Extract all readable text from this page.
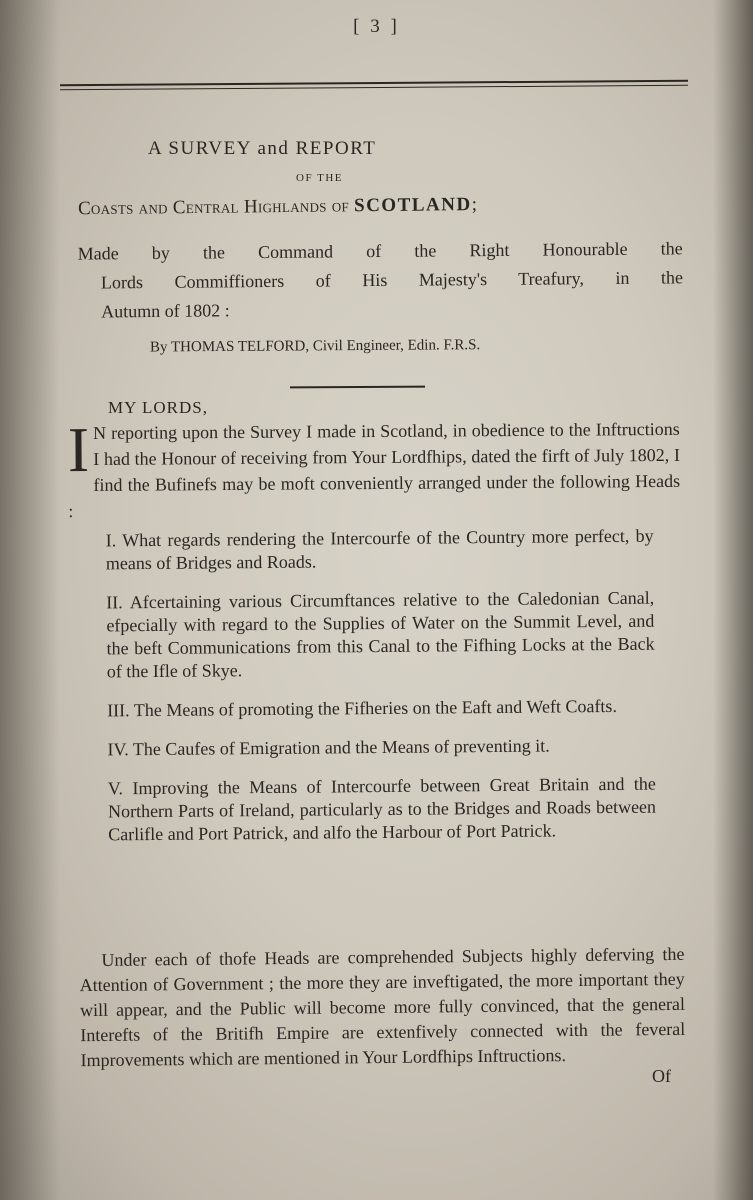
[ 3 ]
A SURVEY and REPORT
OF THE
Coasts and Central Highlands of SCOTLAND;

Made by the Command of the Right Honourable the

Lords Commiffioners of His Majesty's Treafury, in the

Autumn of 1802 :

By THOMAS TELFORD, Civil Engineer, Edin. F.R.S.
MY LORDS,
I N reporting upon the Survey I made in Scotland, in obedience to the Inftructions I had the Honour of receiving from Your Lordfhips, dated the firft of July 1802, I find the Bufinefs may be moft conveniently arranged under the following Heads :

I. What regards rendering the Intercourfe of the Country more perfect, by means of Bridges and Roads.
II. Afcertaining various Circumftances relative to the Caledonian Canal, efpecially with regard to the Supplies of Water on the Summit Level, and the beft Communications from this Canal to the Fifhing Locks at the Back of the Ifle of Skye.
III. The Means of promoting the Fifheries on the Eaft and Weft Coafts.
IV. The Caufes of Emigration and the Means of preventing it.
V. Improving the Means of Intercourfe between Great Britain and the Northern Parts of Ireland, particularly as to the Bridges and Roads between Carlifle and Port Patrick, and alfo the Harbour of Port Patrick.

Under each of thofe Heads are comprehended Subjects highly deferving the Attention of Government ; the more they are inveftigated, the more important they will appear, and the Public will become more fully convinced, that the general Interefts of the Britifh Empire are extenfively connected with the feveral Improvements which are mentioned in Your Lordfhips Inftructions.

Of
